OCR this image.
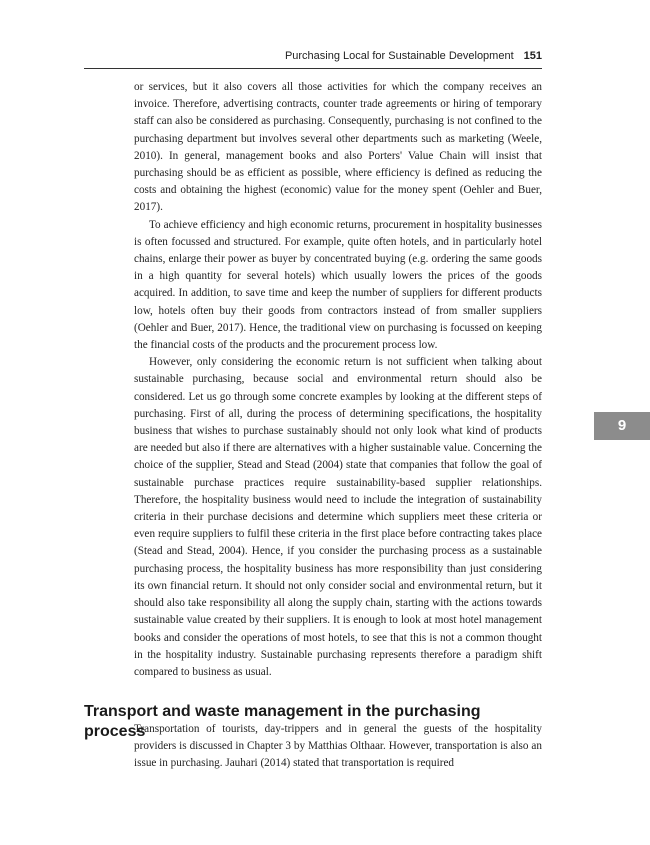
Purchasing Local for Sustainable Development 151

or services, but it also covers all those activities for which the company receives an invoice. Therefore, advertising contracts, counter trade agreements or hiring of temporary staff can also be considered as purchasing. Consequently, purchasing is not confined to the purchasing department but involves several other departments such as marketing (Weele, 2010). In general, management books and also Porters' Value Chain will insist that purchasing should be as efficient as possible, where efficiency is defined as reducing the costs and obtaining the highest (economic) value for the money spent (Oehler and Buer, 2017).

To achieve efficiency and high economic returns, procurement in hospitality businesses is often focussed and structured. For example, quite often hotels, and in particularly hotel chains, enlarge their power as buyer by concentrated buying (e.g. ordering the same goods in a high quantity for several hotels) which usually lowers the prices of the goods acquired. In addition, to save time and keep the number of suppliers for different products low, hotels often buy their goods from contractors instead of from smaller suppliers (Oehler and Buer, 2017). Hence, the traditional view on purchasing is focussed on keeping the financial costs of the products and the procurement process low.

However, only considering the economic return is not sufficient when talking about sustainable purchasing, because social and environmental return should also be considered. Let us go through some concrete examples by looking at the different steps of purchasing. First of all, during the process of determining specifications, the hospitality business that wishes to purchase sustainably should not only look what kind of products are needed but also if there are alternatives with a higher sustainable value. Concerning the choice of the supplier, Stead and Stead (2004) state that companies that follow the goal of sustainable purchase practices require sustainability-based supplier relationships. Therefore, the hospitality business would need to include the integration of sustainability criteria in their purchase decisions and determine which suppliers meet these criteria or even require suppliers to fulfil these criteria in the first place before contracting takes place (Stead and Stead, 2004). Hence, if you consider the purchasing process as a sustainable purchasing process, the hospitality business has more responsibility than just considering its own financial return. It should not only consider social and environmental return, but it should also take responsibility all along the supply chain, starting with the actions towards sustainable value created by their suppliers. It is enough to look at most hotel management books and consider the operations of most hotels, to see that this is not a common thought in the hospitality industry. Sustainable purchasing represents therefore a paradigm shift compared to business as usual.

Transport and waste management in the purchasing process

Transportation of tourists, day-trippers and in general the guests of the hospitality providers is discussed in Chapter 3 by Matthias Olthaar. However, transportation is also an issue in purchasing. Jauhari (2014) stated that transportation is required

9
